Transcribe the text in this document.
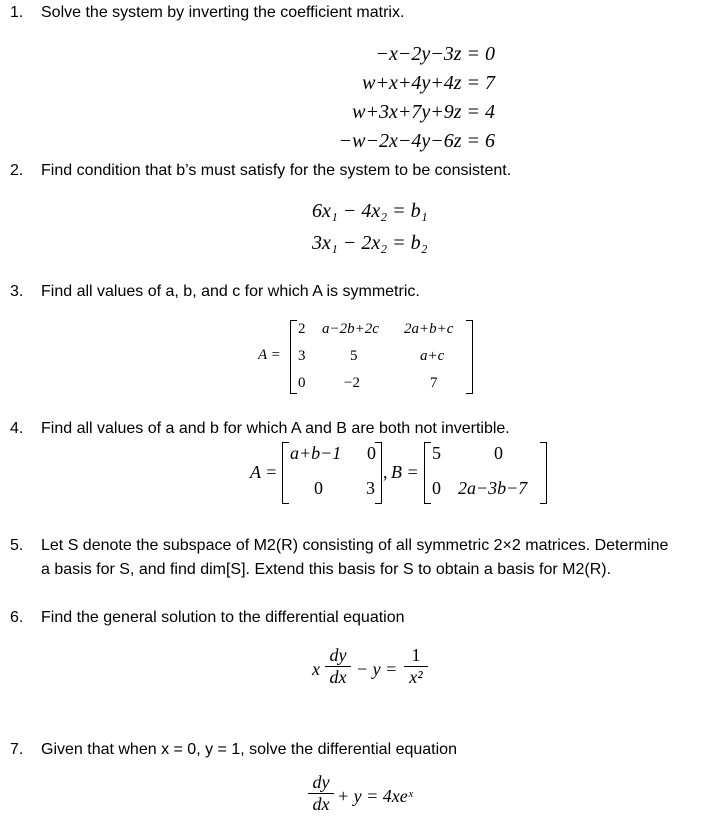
1. Solve the system by inverting the coefficient matrix.
−x−2y−3z = 0
w+x+4y+4z = 7
w+3x+7y+9z = 4
−w−2x−4y−6z = 6
2. Find condition that b’s must satisfy for the system to be consistent.
6x₁ − 4x₂ = b₁
3x₁ − 2x₂ = b₂
3. Find all values of a, b, and c for which A is symmetric.
A =
2 a−2b+2c 2a+b+c
3	5	a+c
0	−2	7
4. Find all values of a and b for which A and B are both not invertible.
A =
a+b−1 0
0 3
, B =
5	0
0 2a−3b−7
5. Let S denote the subspace of M2(R) consisting of all symmetric 2×2 matrices. Determine
a basis for S, and find dim[S]. Extend this basis for S to obtain a basis for M2(R).
6. Find the general solution to the differential equation
x $\frac{dy}{dx} - y = \frac{1}{\text{x²}}$
7. Given that when x = 0, y = 1, solve the differential equation
$\frac{dy}{dx} + y$ = 4xeˣ
